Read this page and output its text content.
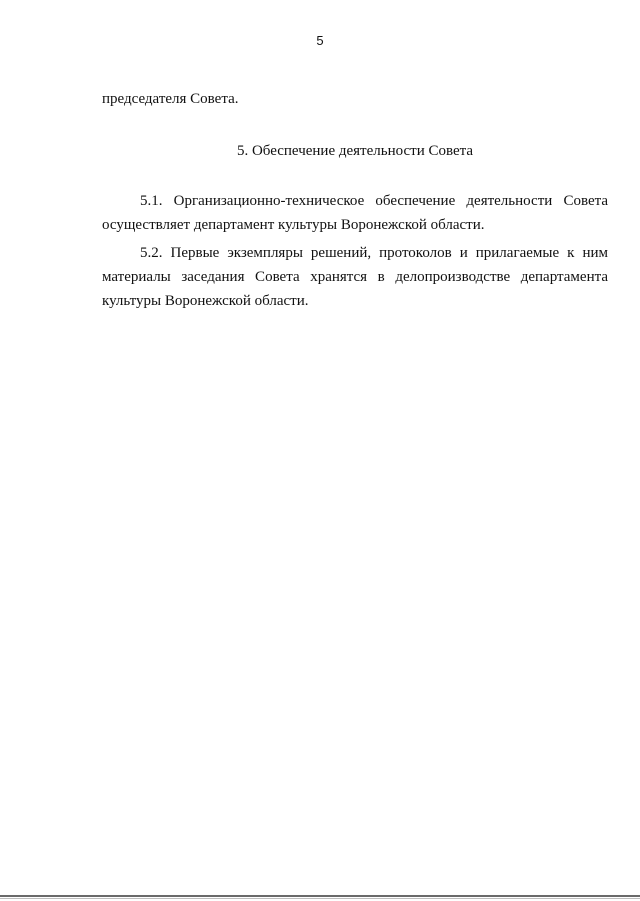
5
председателя Совета.
5. Обеспечение деятельности Совета
5.1. Организационно-техническое обеспечение деятельности Совета
осуществляет департамент культуры Воронежской области.
5.2. Первые экземпляры решений, протоколов и прилагаемые к ним
материалы заседания Совета хранятся в делопроизводстве департамента
культуры Воронежской области.
